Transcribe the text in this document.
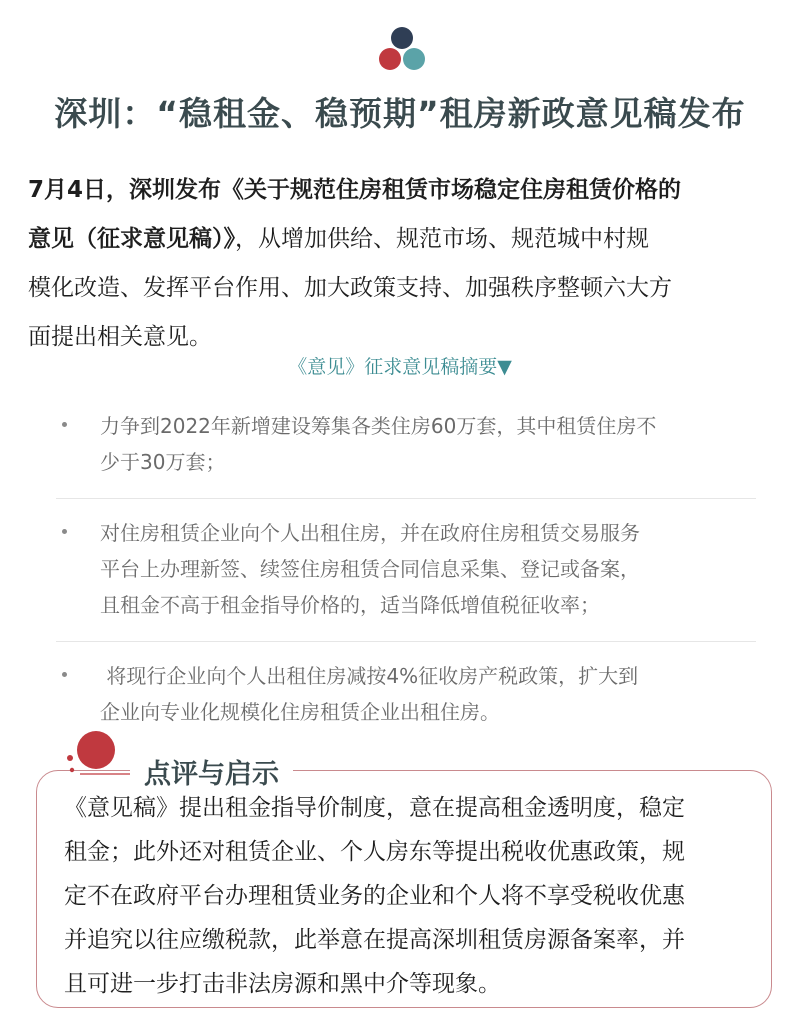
深圳：“稳租金、稳预期”租房新政意见稿发布
7月4日，深圳发布《关于规范住房租赁市场稳定住房租赁价格的
意见（征求意见稿）》，从增加供给、规范市场、规范城中村规
模化改造、发挥平台作用、加大政策支持、加强秩序整顿六大方
面提出相关意见。
《意见》征求意见稿摘要▼
力争到2022年新增建设筹集各类住房60万套，其中租赁住房不
少于30万套；
对住房租赁企业向个人出租住房，并在政府住房租赁交易服务
平台上办理新签、续签住房租赁合同信息采集、登记或备案，
且租金不高于租金指导价格的，适当降低增值税征收率；
将现行企业向个人出租住房减按4%征收房产税政策，扩大到
企业向专业化规模化住房租赁企业出租住房。
点评与启示
《意见稿》提出租金指导价制度，意在提高租金透明度，稳定
租金；此外还对租赁企业、个人房东等提出税收优惠政策，规
定不在政府平台办理租赁业务的企业和个人将不享受税收优惠
并追究以往应缴税款，此举意在提高深圳租赁房源备案率，并
且可进一步打击非法房源和黑中介等现象。
